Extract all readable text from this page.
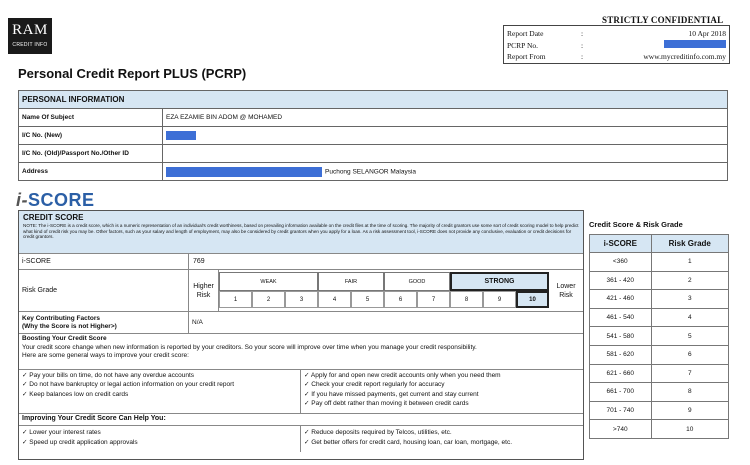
RAM
CREDIT INFO
STRICTLY CONFIDENTIAL
Report Date	:	10 Apr 2018
PCRP No.	:
Report From	:	www.mycreditinfo.com.my
Personal Credit Report PLUS (PCRP)
PERSONAL INFORMATION	
Name Of Subject	EZA EZAMIE BIN ADOM @ MOHAMED
I/C No. (New)	
I/C No. (Old)/Passport No./Other ID	
Address	Puchong SELANGOR Malaysia
i-SCORE
CREDIT SCORE
NOTE: The i-SCORE is a credit score, which is a numeric representation of an individual's credit worthiness, based on prevailing information available on the credit files at the time of scoring. The majority of credit grantors use some sort of credit scoring model to help predict what kind of credit risk you may be. Other factors, such as your salary and length of employment, may also be considered by credit grantors when you apply for a loan. As a risk assessment tool, i-SCORE does not provide any conclusive, evaluation or credit decisions for credit grantors.
i-SCORE	769
Risk Grade
Higher Risk
WEAK	FAIR	GOOD	STRONG
1	2	3	4	5	6	7	8	9	10
Lower Risk
Key Contributing Factors
(Why the Score is not Higher>)	N/A
Boosting Your Credit Score
Your credit score change when new information is reported by your creditors. So your score will improve over time when you manage your credit responsibility.
Here are some general ways to improve your credit score:
✓ Pay your bills on time, do not have any overdue accounts
✓ Do not have bankruptcy or legal action information on your credit report
✓ Keep balances low on credit cards
✓ Apply for and open new credit accounts only when you need them
✓ Check your credit report regularly for accuracy
✓ If you have missed payments, get current and stay current
✓ Pay off debt rather than moving it between credit cards
Improving Your Credit Score Can Help You:
✓ Lower your interest rates
✓ Speed up credit application approvals
✓ Reduce deposits required by Telcos, utilities, etc.
✓ Get better offers for credit card, housing loan, car loan, mortgage, etc.
Credit Score & Risk Grade
i-SCORE	Risk Grade
<360	1
361 - 420	2
421 - 460	3
461 - 540	4
541 - 580	5
581 - 620	6
621 - 660	7
661 - 700	8
701 - 740	9
>740	10
